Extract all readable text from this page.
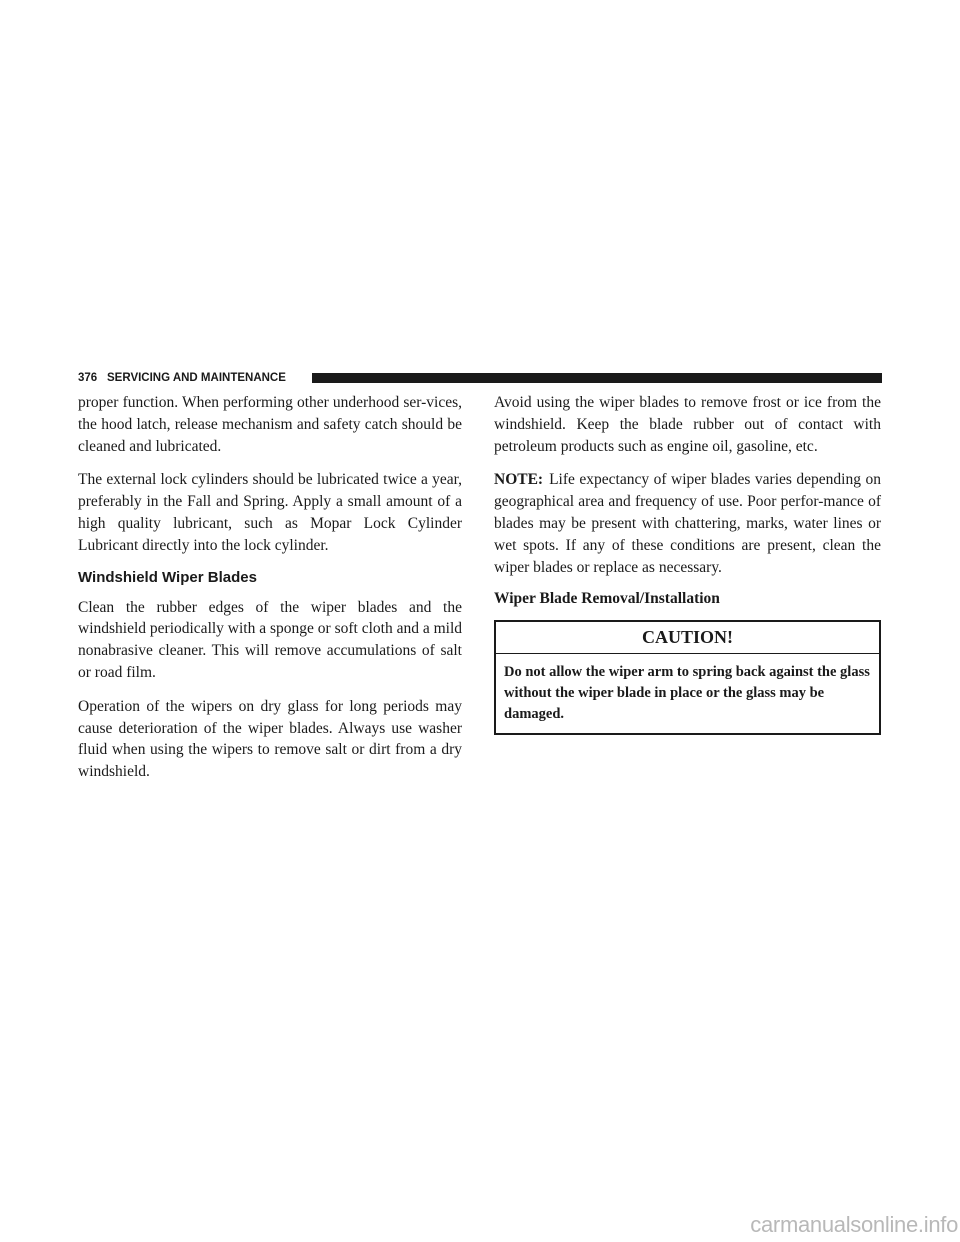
376 SERVICING AND MAINTENANCE

proper function. When performing other underhood ser-vices, the hood latch, release mechanism and safety catch should be cleaned and lubricated.

The external lock cylinders should be lubricated twice a year, preferably in the Fall and Spring. Apply a small amount of a high quality lubricant, such as Mopar Lock Cylinder Lubricant directly into the lock cylinder.

Windshield Wiper Blades

Clean the rubber edges of the wiper blades and the windshield periodically with a sponge or soft cloth and a mild nonabrasive cleaner. This will remove accumulations of salt or road film.

Operation of the wipers on dry glass for long periods may cause deterioration of the wiper blades. Always use washer fluid when using the wipers to remove salt or dirt from a dry windshield.

Avoid using the wiper blades to remove frost or ice from the windshield. Keep the blade rubber out of contact with petroleum products such as engine oil, gasoline, etc.

NOTE: Life expectancy of wiper blades varies depending on geographical area and frequency of use. Poor perfor-mance of blades may be present with chattering, marks, water lines or wet spots. If any of these conditions are present, clean the wiper blades or replace as necessary.

Wiper Blade Removal/Installation
CAUTION!
Do not allow the wiper arm to spring back against the glass without the wiper blade in place or the glass may be damaged.
carmanualsonline.info
